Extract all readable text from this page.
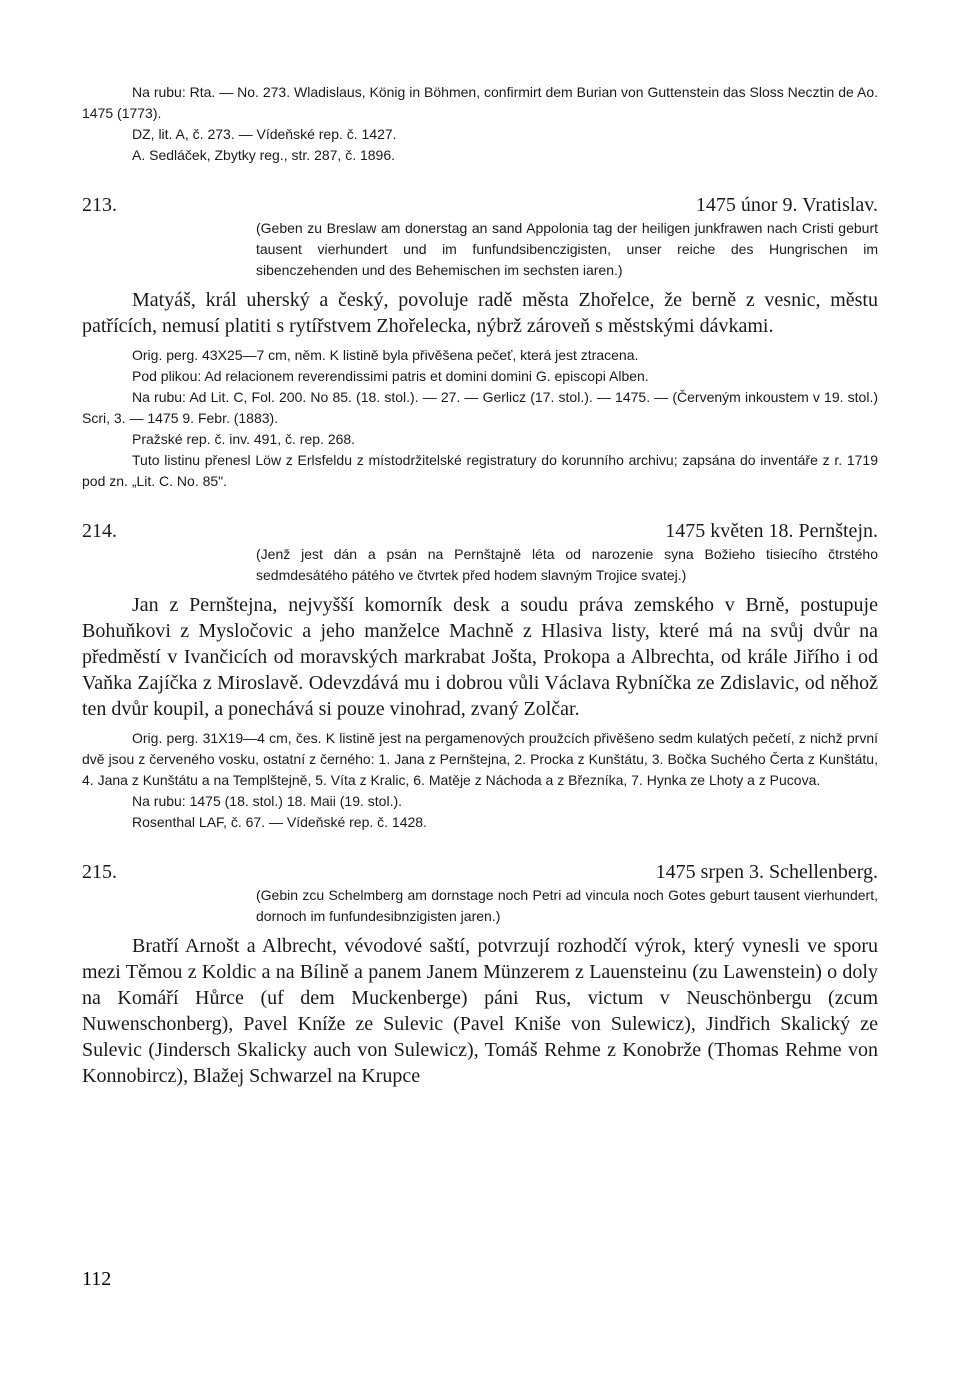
Na rubu: Rta. — No. 273. Wladislaus, König in Böhmen, confirmirt dem Burian von Guttenstein das Sloss Necztin de Ao. 1475 (1773).

DZ, lit. A, č. 273. — Vídeňské rep. č. 1427.

A. Sedláček, Zbytky reg., str. 287, č. 1896.

213.	1475 únor 9. Vratislav.

(Geben zu Breslaw am donerstag an sand Appolonia tag der heiligen junkfrawen nach Cristi geburt tausent vierhundert und im funfundsibenczigisten, unser reiche des Hungrischen im sibenczehenden und des Behemischen im sechsten iaren.)

Matyáš, král uherský a český, povoluje radě města Zhořelce, že berně z vesnic, městu patřících, nemusí platiti s rytířstvem Zhořelecka, nýbrž zároveň s městskými dávkami.

Orig. perg. 43X25—7 cm, něm. K listině byla přivěšena pečeť, která jest ztracena.

Pod plikou: Ad relacionem reverendissimi patris et domini domini G. episcopi Alben.

Na rubu: Ad Lit. C, Fol. 200. No 85. (18. stol.). — 27. — Gerlicz (17. stol.). — 1475. — (Červeným inkoustem v 19. stol.) Scri, 3. — 1475 9. Febr. (1883).

Pražské rep. č. inv. 491, č. rep. 268.

Tuto listinu přenesl Löw z Erlsfeldu z místodržitelské registratury do korunního archivu; zapsána do inventáře z r. 1719 pod zn. „Lit. C. No. 85".

214.	1475 květen 18. Pernštejn.

(Jenž jest dán a psán na Pernštajně léta od narozenie syna Božieho tisiecího čtrstého sedmdesátého pátého ve čtvrtek před hodem slavným Trojice svatej.)

Jan z Pernštejna, nejvyšší komorník desk a soudu práva zemského v Brně, postupuje Bohuňkovi z Mysločovic a jeho manželce Machně z Hlasiva listy, které má na svůj dvůr na předměstí v Ivančicích od moravských markrabat Jošta, Prokopa a Albrechta, od krále Jiřího i od Vaňka Zajíčka z Miroslavě. Odevzdává mu i dobrou vůli Václava Rybníčka ze Zdislavic, od něhož ten dvůr koupil, a ponechává si pouze vinohrad, zvaný Zolčar.

Orig. perg. 31X19—4 cm, čes. K listině jest na pergamenových proužcích přivěšeno sedm kulatých pečetí, z nichž první dvě jsou z červeného vosku, ostatní z černého: 1. Jana z Pernštejna, 2. Procka z Kunštátu, 3. Bočka Suchého Čerta z Kunštátu, 4. Jana z Kunštátu a na Templštejně, 5. Víta z Kralic, 6. Matěje z Náchoda a z Březníka, 7. Hynka ze Lhoty a z Pucova.

Na rubu: 1475 (18. stol.) 18. Maii (19. stol.).

Rosenthal LAF, č. 67. — Vídeňské rep. č. 1428.

215.	1475 srpen 3. Schellenberg.

(Gebin zcu Schelmberg am dornstage noch Petri ad vincula noch Gotes geburt tausent vierhundert, dornoch im funfundesibnzigisten jaren.)

Bratří Arnošt a Albrecht, vévodové saští, potvrzují rozhodčí výrok, který vynesli ve sporu mezi Těmou z Koldic a na Bílině a panem Janem Münzerem z Lauensteinu (zu Lawenstein) o doly na Komáří Hůrce (uf dem Muckenberge) páni Rus, victum v Neuschönbergu (zcum Nuwenschonberg), Pavel Kníže ze Sulevic (Pavel Kniše von Sulewicz), Jindřich Skalický ze Sulevic (Jindersch Skalicky auch von Sulewicz), Tomáš Rehme z Konobrže (Thomas Rehme von Konnobircz), Blažej Schwarzel na Krupce

112
